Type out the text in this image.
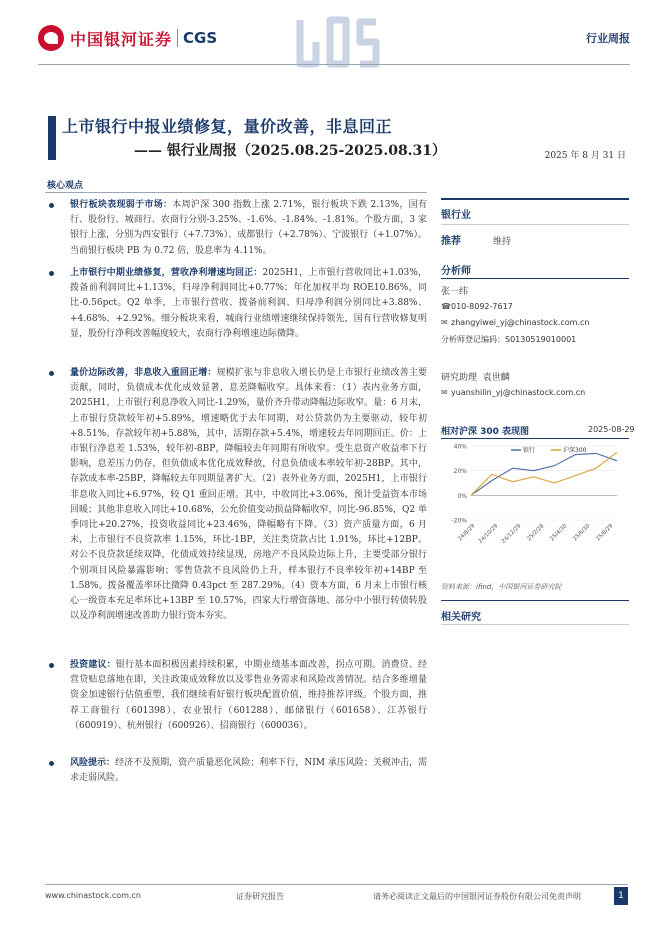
中国银河证券 CGS	行业周报
上市银行中报业绩修复，量价改善，非息回正
—— 银行业周报（2025.08.25-2025.08.31）	2025 年 8 月 31 日
核心观点
银行板块表现弱于市场：本周沪深 300 指数上涨 2.71%，银行板块下跌 2.13%，国有行、股份行、城商行、农商行分别-3.25%、-1.6%、-1.84%、-1.81%。个股方面，3 家银行上涨，分别为西安银行（+7.73%）、成都银行（+2.78%）、宁波银行（+1.07%）。当前银行板块 PB 为 0.72 倍，股息率为 4.11%。
上市银行中期业绩修复，营收净利增速均回正：2025H1，上市银行营收同比+1.03%，拨备前利润同比+1.13%，归母净利润同比+0.77%；年化加权平均 ROE10.86%，同比-0.56pct。Q2 单季，上市银行营收、拨备前利润、归母净利润分别同比+3.88%、+4.68%、+2.92%。细分板块来看，城商行业绩增速继续保持领先，国有行营收修复明显，股份行净利改善幅度较大，农商行净利增速边际微降。
量价边际改善，非息收入重回正增：规模扩张与非息收入增长仍是上市银行业绩改善主要贡献，同时，负债成本优化成效显著，息差降幅收窄。具体来看：（1）表内业务方面，2025H1，上市银行利息净收入同比-1.29%，量价齐升带动降幅边际收窄。量：6 月末，上市银行贷款较年初+5.89%，增速略优于去年同期，对公贷款仍为主要驱动，较年初+8.51%。存款较年初+5.88%，其中，活期存款+5.4%，增速较去年同期回正。价：上市银行净息差 1.53%，较年初-8BP，降幅较去年同期有所收窄。受生息资产收益率下行影响，息差压力仍存，但负债成本优化成效释放，付息负债成本率较年初-28BP。其中，存款成本率-25BP，降幅较去年同期显著扩大。（2）表外业务方面，2025H1，上市银行非息收入同比+6.97%，较 Q1 重回正增。其中，中收同比+3.06%，预计受益资本市场回暖；其他非息收入同比+10.68%，公允价值变动损益降幅收窄，同比-96.85%，Q2 单季同比+20.27%，投资收益同比+23.46%，降幅略有下降。（3）资产质量方面，6 月末，上市银行不良贷款率 1.15%，环比-1BP，关注类贷款占比 1.91%，环比+12BP。对公不良贷款延续双降，化债成效持续显现，房地产不良风险边际上升，主要受部分银行个别项目风险暴露影响；零售贷款不良风险仍上升，样本银行不良率较年初+14BP 至 1.58%。拨备覆盖率环比微降 0.43pct 至 287.29%。（4）资本方面，6 月末上市银行核心一级资本充足率环比+13BP 至 10.57%，四家大行增资落地、部分中小银行转债转股以及净利润增速改善助力银行资本夯实。
投资建议：银行基本面积极因素持续积累，中期业绩基本面改善，拐点可期。消费贷、经营贷贴息落地在即，关注政策成效释放以及零售业务需求和风险改善情况。结合多维增量资金加速银行估值重塑，我们继续看好银行板块配置价值，维持推荐评级。个股方面，推荐工商银行（601398）、农业银行（601288）、邮储银行（601658）、江苏银行（600919）、杭州银行（600926）、招商银行（600036）。
风险提示：经济不及预期，资产质量恶化风险；利率下行，NIM 承压风险；关税冲击，需求走弱风险。
银行业
推荐	维持
分析师
张一纬
☎010-8092-7617
✉ zhangyiwei_yj@chinastock.com.cn
分析师登记编码：S0130519010001
研究助理 袁世麟
✉ yuanshilin_yj@chinastock.com.cn
相对沪深 300 表现图	2025-08-29
40%
20%
0%
-20%
24/8/29 24/10/29 24/12/29 25/2/28 25/4/30 25/6/30 25/8/29
银行	沪深300
资料来源：ifind，中国银河证券研究院
相关研究
www.chinastock.com.cn	证券研究报告	请务必阅读正文最后的中国银河证券股份有限公司免责声明	1
